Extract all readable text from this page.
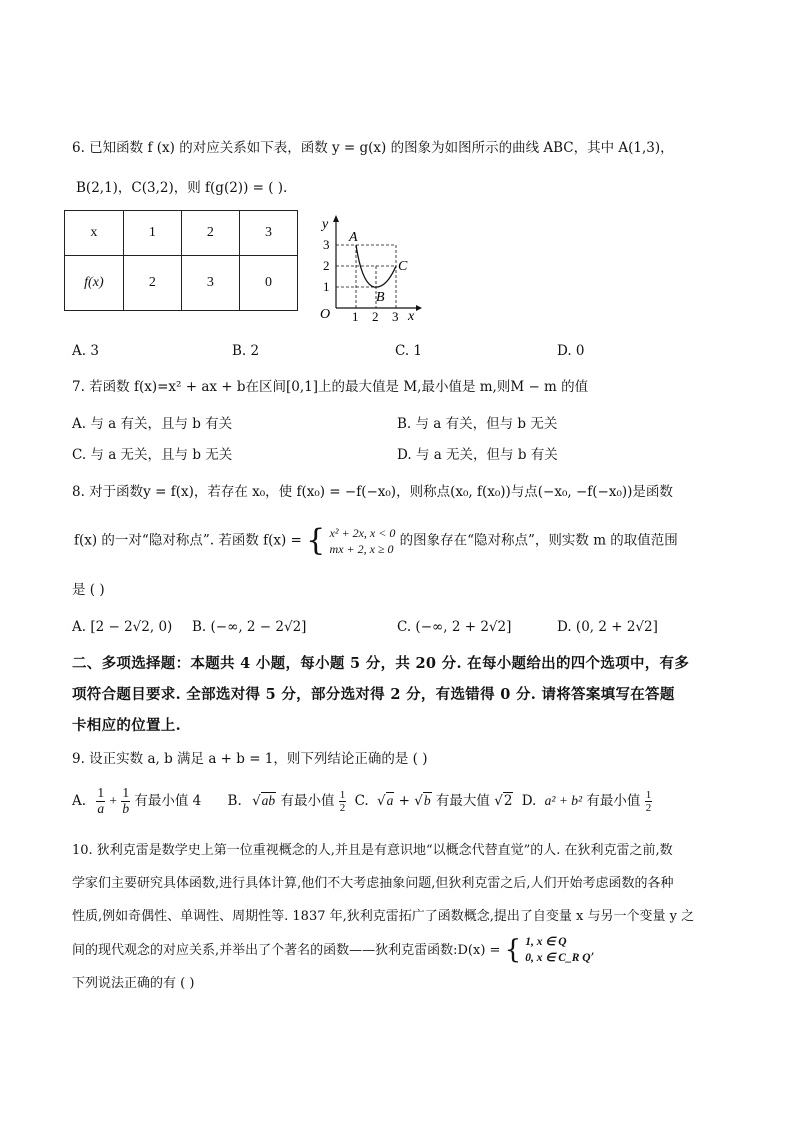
6. 已知函数 f (x) 的对应关系如下表，函数 y = g(x) 的图象为如图所示的曲线 ABC，其中 A(1,3)，
B(2,1)，C(3,2)，则 f(g(2)) = ( ).
x	1	2	3
f(x)	2	3	0
y
x
O
3
2
1
1 2 3
A
B
C
A. 3	B. 2	C. 1	D. 0
7. 若函数 f(x)=x² + ax + b在区间[0,1]上的最大值是 M,最小值是 m,则M − m 的值
A. 与 a 有关，且与 b 有关	B. 与 a 有关，但与 b 无关
C. 与 a 无关，且与 b 无关	D. 与 a 无关，但与 b 有关
8. 对于函数y = f(x)，若存在 x₀，使 f(x₀) = −f(−x₀)，则称点(x₀, f(x₀))与点(−x₀, −f(−x₀))是函数
f(x) 的一对“隐对称点”. 若函数 f(x) = { x² + 2x, x < 0
mx + 2, x ≥ 0
的图象存在“隐对称点”，则实数 m 的取值范围
是 ( )
A. [2 − 2√2, 0) B. (−∞, 2 − 2√2]	C. (−∞, 2 + 2√2]	D. (0, 2 + 2√2]
二、多项选择题：本题共 4 小题，每小题 5 分，共 20 分. 在每小题给出的四个选项中，有多
项符合题目要求. 全部选对得 5 分，部分选对得 2 分，有选错得 0 分. 请将答案填写在答题
卡相应的位置上.
9. 设正实数 a, b 满足 a + b = 1，则下列结论正确的是 ( )
A. $\frac{1}{a} + \frac{1}{b}$ 有最小值 4 B. √ab 有最小值 $\frac{1}{2} C$. √a + √b 有最大值 √2 D. a² + b² 有最小值 $\frac{1}{2}$
10. 狄利克雷是数学史上第一位重视概念的人,并且是有意识地“以概念代替直觉”的人. 在狄利克雷之前,数
学家们主要研究具体函数,进行具体计算,他们不大考虑抽象问题,但狄利克雷之后,人们开始考虑函数的各种
性质,例如奇偶性、单调性、周期性等. 1837 年,狄利克雷拓广了函数概念,提出了自变量 x 与另一个变量 y 之
间的现代观念的对应关系,并举出了个著名的函数——狄利克雷函数:D(x) = { 1, x ∈ Q
0, x ∈ C_R Q ,
下列说法正确的有 ( )
